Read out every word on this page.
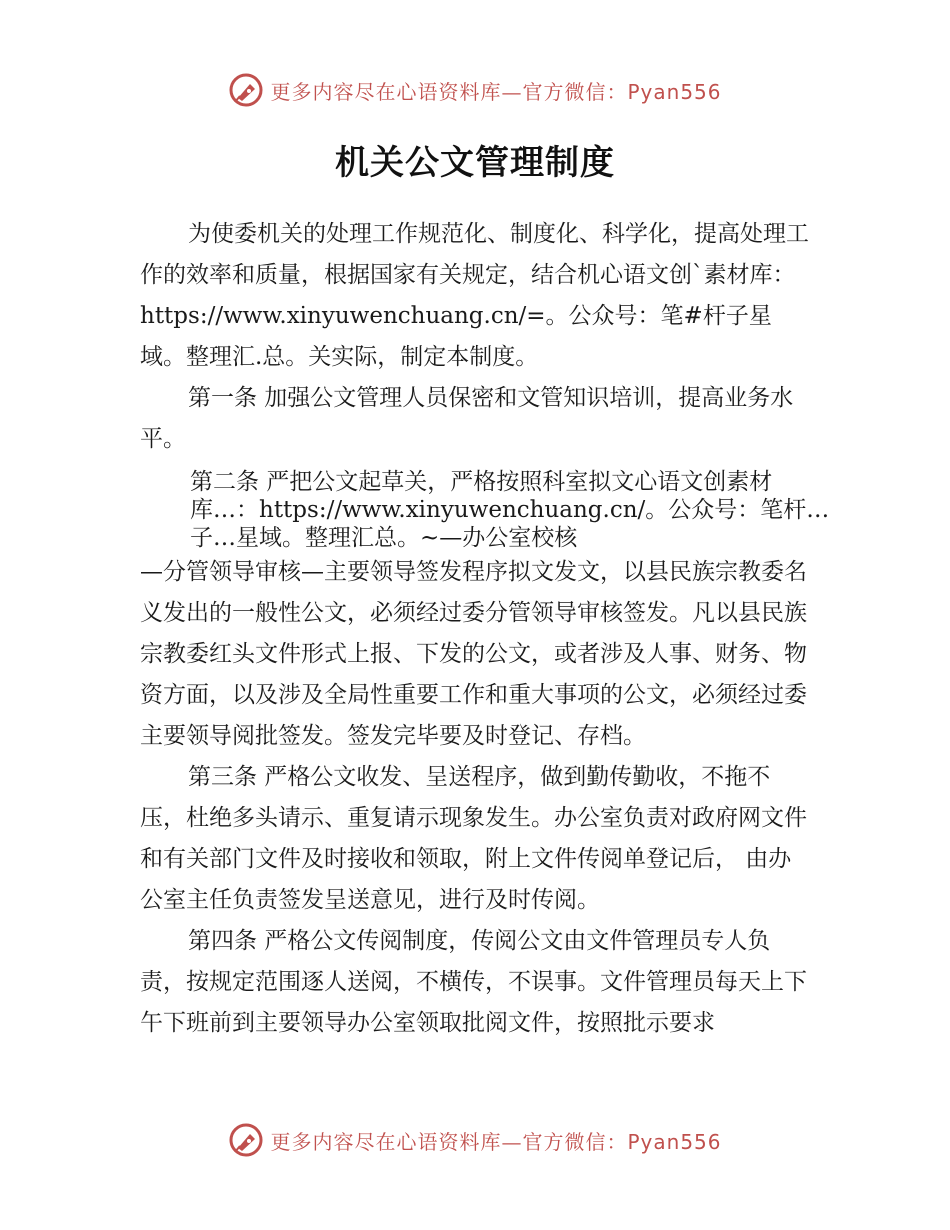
更多内容尽在心语资料库—官方微信：Pyan556
机关公文管理制度

为使委机关的处理工作规范化、制度化、科学化，提高处理工作的效率和质量，根据国家有关规定，结合机心语文创`素材库：https://www.xinyuwenchuang.cn/=。公众号：笔#杆子星域。整理汇.总。关实际，制定本制度。

第一条 加强公文管理人员保密和文管知识培训，提高业务水平。

第二条 严把公文起草关，严格按照科室拟文心语文创素材库…：https://www.xinyuwenchuang.cn/。公众号：笔杆…子…星域。整理汇总。~—办公室校核

—分管领导审核—主要领导签发程序拟文发文，以县民族宗教委名义发出的一般性公文，必须经过委分管领导审核签发。凡以县民族宗教委红头文件形式上报、下发的公文，或者涉及人事、财务、物资方面，以及涉及全局性重要工作和重大事项的公文，必须经过委主要领导阅批签发。签发完毕要及时登记、存档。

第三条 严格公文收发、呈送程序，做到勤传勤收，不拖不压，杜绝多头请示、重复请示现象发生。办公室负责对政府网文件和有关部门文件及时接收和领取，附上文件传阅单登记后， 由办公室主任负责签发呈送意见，进行及时传阅。

第四条 严格公文传阅制度，传阅公文由文件管理员专人负责，按规定范围逐人送阅，不横传，不误事。文件管理员每天上下午下班前到主要领导办公室领取批阅文件，按照批示要求

更多内容尽在心语资料库—官方微信：Pyan556
